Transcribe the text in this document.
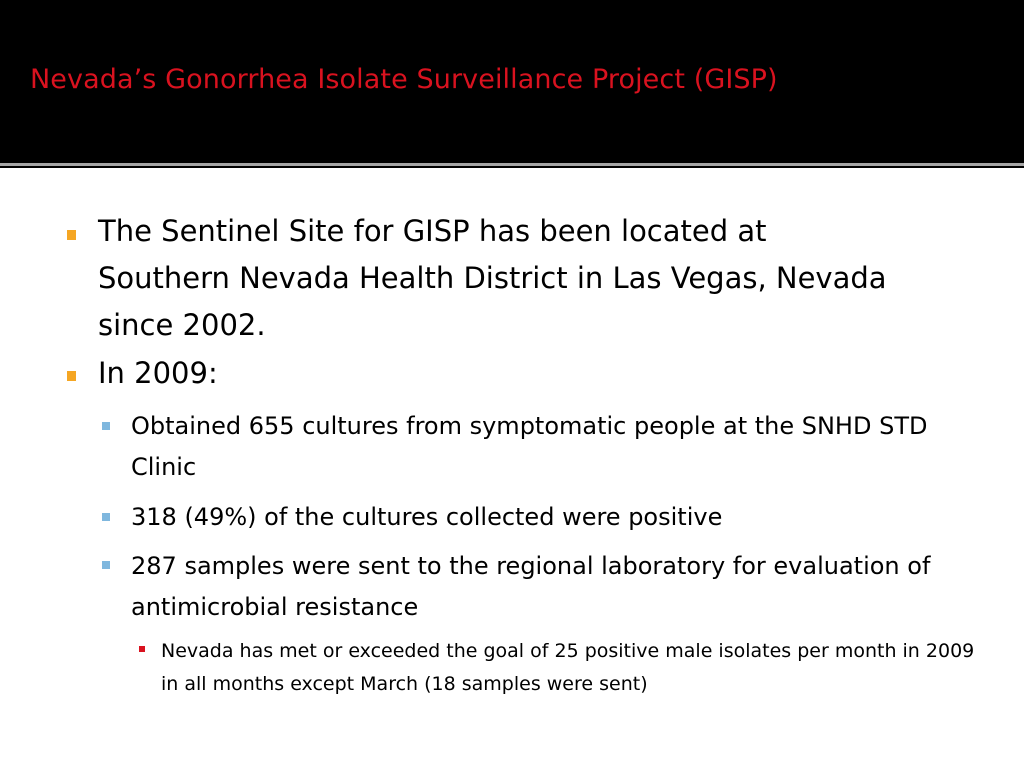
Nevada’s Gonorrhea Isolate Surveillance Project (GISP)
The Sentinel Site for GISP has been located at Southern Nevada Health District in Las Vegas, Nevada since 2002.
In 2009:
Obtained 655 cultures from symptomatic people at the SNHD STD Clinic
318 (49%) of the cultures collected were positive
287 samples were sent to the regional laboratory for evaluation of antimicrobial resistance
Nevada has met or exceeded the goal of 25 positive male isolates per month in 2009 in all months except March (18 samples were sent)
